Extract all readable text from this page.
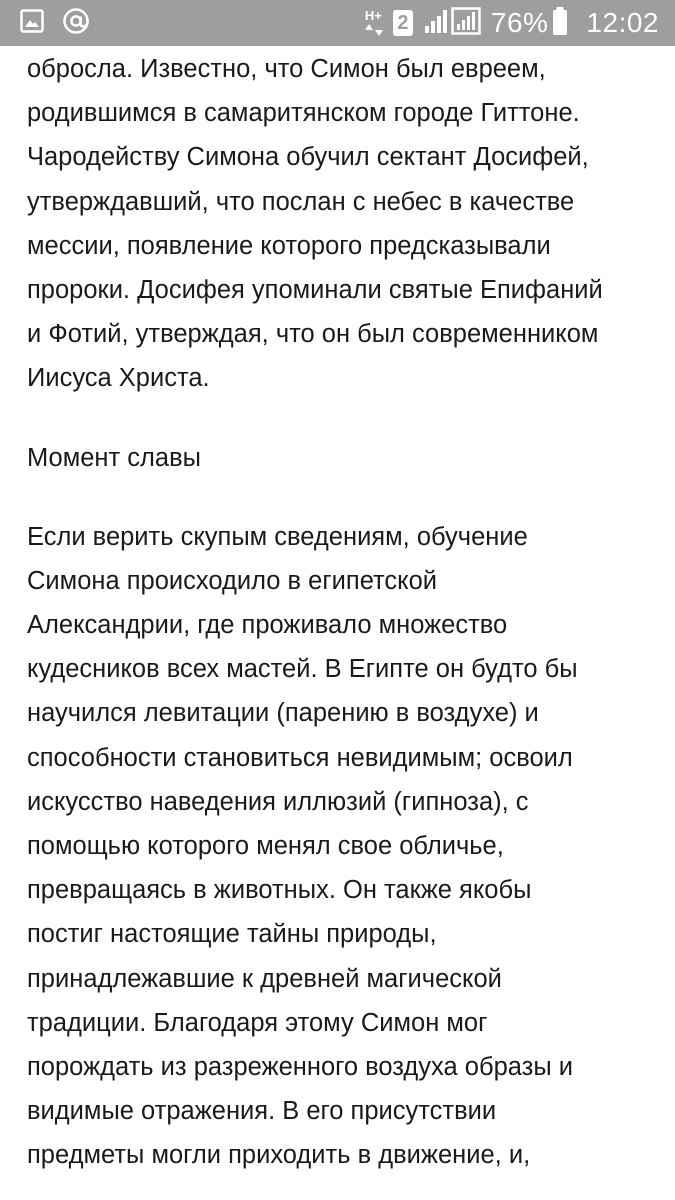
H+ 2	76% 12:02
обросла. Известно, что Симон был евреем,
родившимся в самаритянском городе Гиттоне.
Чародейству Симона обучил сектант Досифей,
утверждавший, что послан с небес в качестве
мессии, появление которого предсказывали
пророки. Досифея упоминали святые Епифаний
и Фотий, утверждая, что он был современником
Иисуса Христа.
Момент славы
Если верить скупым сведениям, обучение
Симона происходило в египетской
Александрии, где проживало множество
кудесников всех мастей. В Египте он будто бы
научился левитации (парению в воздухе) и
способности становиться невидимым; освоил
искусство наведения иллюзий (гипноза), с
помощью которого менял свое обличье,
превращаясь в животных. Он также якобы
постиг настоящие тайны природы,
принадлежавшие к древней магической
традиции. Благодаря этому Симон мог
порождать из разреженного воздуха образы и
видимые отражения. В его присутствии
предметы могли приходить в движение, и,
